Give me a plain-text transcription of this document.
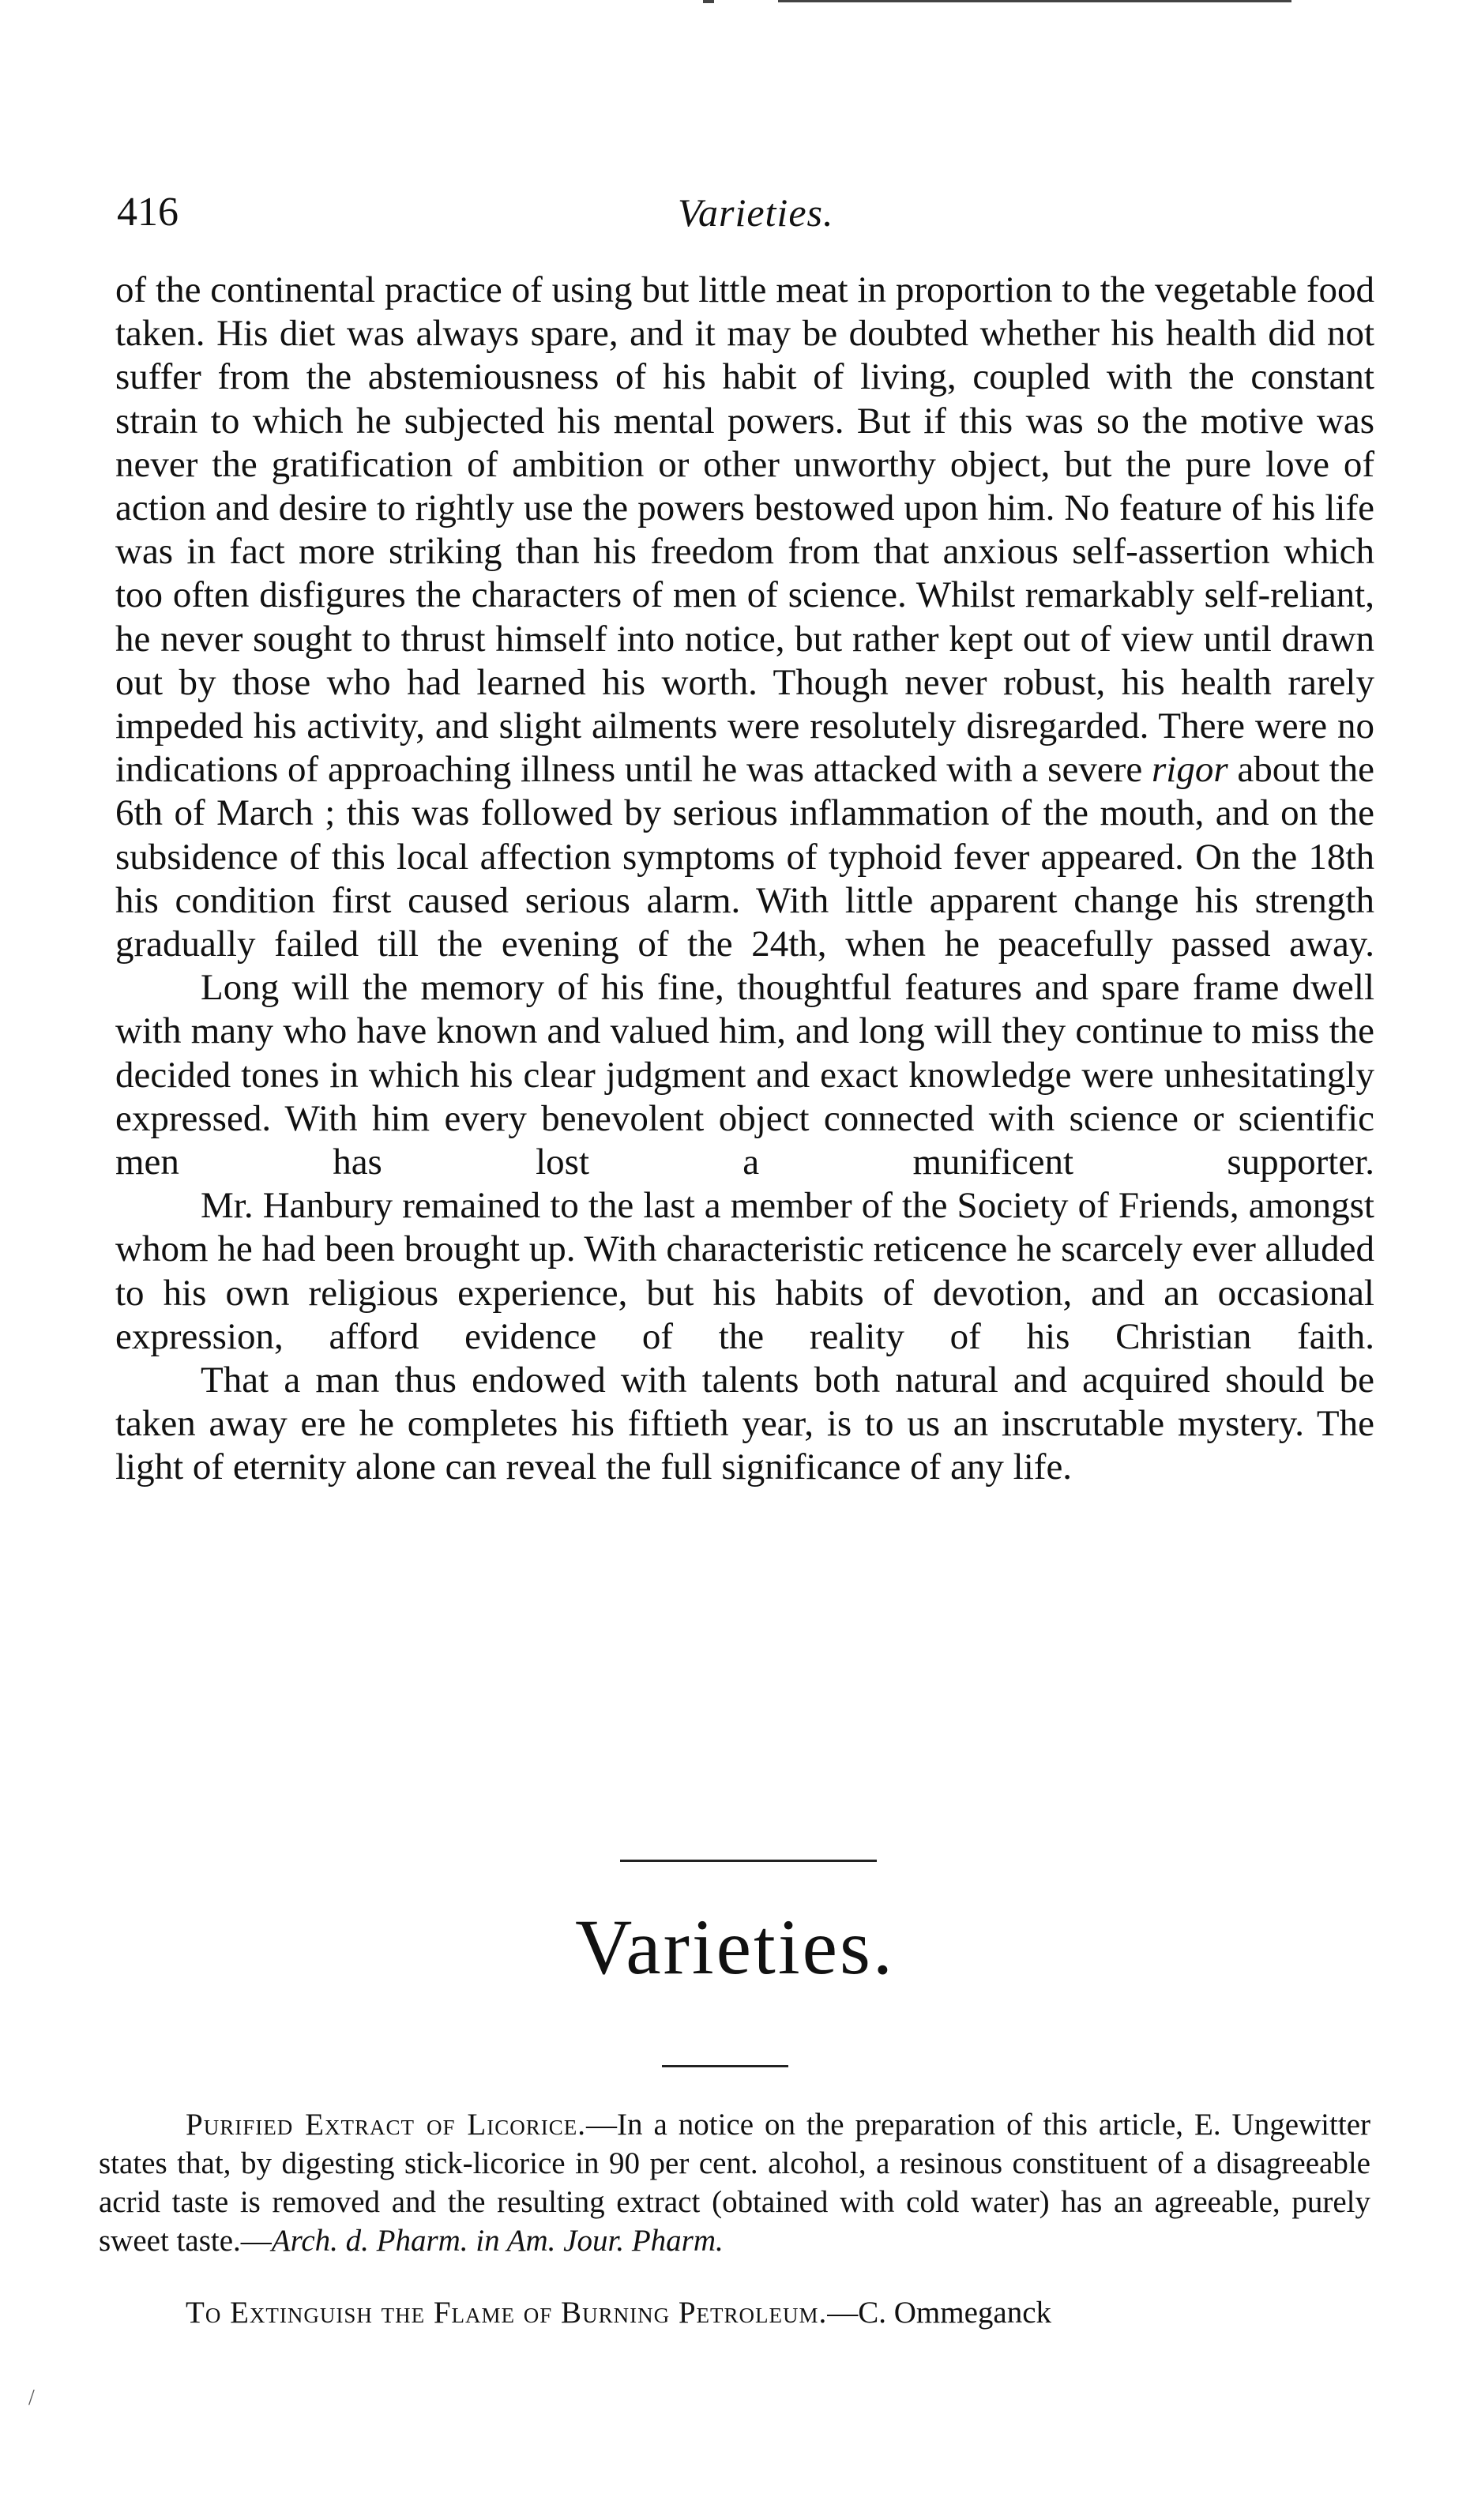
416	Varieties.

of the continental practice of using but little meat in proportion to the vegetable food taken. His diet was always spare, and it may be doubted whether his health did not suffer from the abstemiousness of his habit of living, coupled with the constant strain to which he subjected his mental powers. But if this was so the motive was never the gratification of ambition or other unworthy object, but the pure love of action and desire to rightly use the powers bestowed upon him. No feature of his life was in fact more striking than his freedom from that anxious self-assertion which too often disfigures the characters of men of science. Whilst remarkably self-reliant, he never sought to thrust himself into notice, but rather kept out of view until drawn out by those who had learned his worth. Though never robust, his health rarely impeded his activity, and slight ailments were resolutely disregarded. There were no indications of approaching illness until he was attacked with a severe rigor about the 6th of March ; this was followed by serious inflammation of the mouth, and on the subsidence of this local affection symptoms of typhoid fever appeared. On the 18th his condition first caused serious alarm. With little apparent change his strength gradually failed till the evening of the 24th, when he peacefully passed away.

Long will the memory of his fine, thoughtful features and spare frame dwell with many who have known and valued him, and long will they continue to miss the decided tones in which his clear judgment and exact knowledge were unhesitatingly expressed. With him every benevolent object connected with science or scientific men has lost a munificent supporter.

Mr. Hanbury remained to the last a member of the Society of Friends, amongst whom he had been brought up. With characteristic reticence he scarcely ever alluded to his own religious experience, but his habits of devotion, and an occasional expression, afford evidence of the reality of his Christian faith.

That a man thus endowed with talents both natural and acquired should be taken away ere he completes his fiftieth year, is to us an inscrutable mystery. The light of eternity alone can reveal the full significance of any life.

Varieties.

Purified Extract of Licorice.—In a notice on the preparation of this article, E. Ungewitter states that, by digesting stick-licorice in 90 per cent. alcohol, a resinous constituent of a disagreeable acrid taste is removed and the resulting extract (obtained with cold water) has an agreeable, purely sweet taste.—Arch. d. Pharm. in Am. Jour. Pharm.

To Extinguish the Flame of Burning Petroleum.—C. Ommeganck

/
